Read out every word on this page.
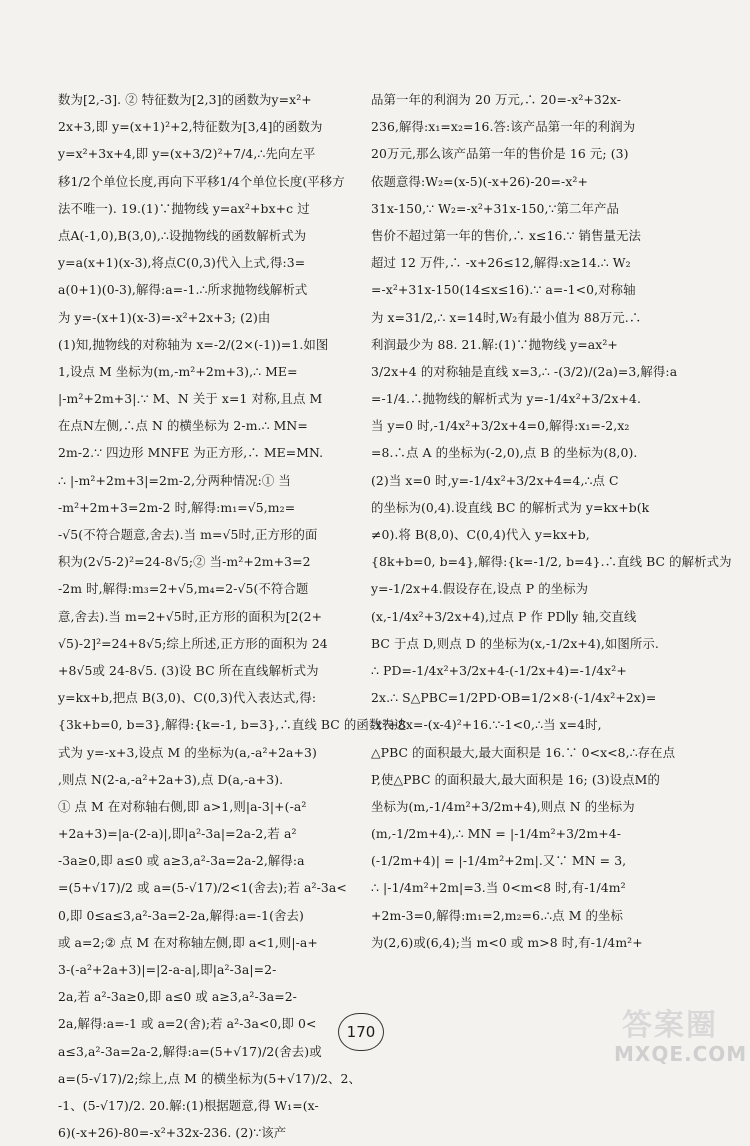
数为[2,-3]. ② 特征数为[2,3]的函数为y=x²+
2x+3,即 y=(x+1)²+2,特征数为[3,4]的函数为
y=x²+3x+4,即 y=(x+3/2)²+7/4,∴先向左平
移1/2个单位长度,再向下平移1/4个单位长度(平移方
法不唯一). 19.(1)∵抛物线 y=ax²+bx+c 过
点A(-1,0),B(3,0),∴设抛物线的函数解析式为
y=a(x+1)(x-3),将点C(0,3)代入上式,得:3=
a(0+1)(0-3),解得:a=-1.∴所求抛物线解析式
为 y=-(x+1)(x-3)=-x²+2x+3; (2)由
(1)知,抛物线的对称轴为 x=-2/(2×(-1))=1.如图
1,设点 M 坐标为(m,-m²+2m+3),∴ ME=
|-m²+2m+3|.∵ M、N 关于 x=1 对称,且点 M
在点N左侧,∴点 N 的横坐标为 2-m.∴ MN=
2m-2.∵ 四边形 MNFE 为正方形,∴ ME=MN.
∴ |-m²+2m+3|=2m-2,分两种情况:① 当
-m²+2m+3=2m-2 时,解得:m₁=√5,m₂=
-√5(不符合题意,舍去).当 m=√5时,正方形的面
积为(2√5-2)²=24-8√5;② 当-m²+2m+3=2
-2m 时,解得:m₃=2+√5,m₄=2-√5(不符合题
意,舍去).当 m=2+√5时,正方形的面积为[2(2+
√5)-2]²=24+8√5;综上所述,正方形的面积为 24
+8√5或 24-8√5. (3)设 BC 所在直线解析式为
y=kx+b,把点 B(3,0)、C(0,3)代入表达式,得:
{3k+b=0, b=3},解得:{k=-1, b=3},∴直线 BC 的函数表达
式为 y=-x+3,设点 M 的坐标为(a,-a²+2a+3)
,则点 N(2-a,-a²+2a+3),点 D(a,-a+3).
① 点 M 在对称轴右侧,即 a>1,则|a-3|+(-a²
+2a+3)=|a-(2-a)|,即|a²-3a|=2a-2,若 a²
-3a≥0,即 a≤0 或 a≥3,a²-3a=2a-2,解得:a
=(5+√17)/2 或 a=(5-√17)/2<1(舍去);若 a²-3a<
0,即 0≤a≤3,a²-3a=2-2a,解得:a=-1(舍去)
或 a=2;② 点 M 在对称轴左侧,即 a<1,则|-a+
3-(-a²+2a+3)|=|2-a-a|,即|a²-3a|=2-
2a,若 a²-3a≥0,即 a≤0 或 a≥3,a²-3a=2-
2a,解得:a=-1 或 a=2(舍);若 a²-3a<0,即 0<
a≤3,a²-3a=2a-2,解得:a=(5+√17)/2(舍去)或
a=(5-√17)/2;综上,点 M 的横坐标为(5+√17)/2、2、
-1、(5-√17)/2. 20.解:(1)根据题意,得 W₁=(x-
6)(-x+26)-80=-x²+32x-236. (2)∵该产
品第一年的利润为 20 万元,∴ 20=-x²+32x-
236,解得:x₁=x₂=16.答:该产品第一年的利润为
20万元,那么该产品第一年的售价是 16 元; (3)
依题意得:W₂=(x-5)(-x+26)-20=-x²+
31x-150,∵ W₂=-x²+31x-150,∵第二年产品
售价不超过第一年的售价,∴ x≤16.∵ 销售量无法
超过 12 万件,∴ -x+26≤12,解得:x≥14.∴ W₂
=-x²+31x-150(14≤x≤16).∵ a=-1<0,对称轴
为 x=31/2,∴ x=14时,W₂有最小值为 88万元.∴
利润最少为 88. 21.解:(1)∵抛物线 y=ax²+
3/2x+4 的对称轴是直线 x=3,∴ -(3/2)/(2a)=3,解得:a
=-1/4.∴抛物线的解析式为 y=-1/4x²+3/2x+4.
当 y=0 时,-1/4x²+3/2x+4=0,解得:x₁=-2,x₂
=8.∴点 A 的坐标为(-2,0),点 B 的坐标为(8,0).
(2)当 x=0 时,y=-1/4x²+3/2x+4=4,∴点 C
的坐标为(0,4).设直线 BC 的解析式为 y=kx+b(k
≠0).将 B(8,0)、C(0,4)代入 y=kx+b,
{8k+b=0, b=4},解得:{k=-1/2, b=4}.∴直线 BC 的解析式为
y=-1/2x+4.假设存在,设点 P 的坐标为
(x,-1/4x²+3/2x+4),过点 P 作 PD∥y 轴,交直线
BC 于点 D,则点 D 的坐标为(x,-1/2x+4),如图所示.
∴ PD=-1/4x²+3/2x+4-(-1/2x+4)=-1/4x²+
2x.∴ S△PBC=1/2PD·OB=1/2×8·(-1/4x²+2x)=
-x²+8x=-(x-4)²+16.∵-1<0,∴当 x=4时,
△PBC 的面积最大,最大面积是 16.∵ 0<x<8,∴存在点
P,使△PBC 的面积最大,最大面积是 16; (3)设点M的
坐标为(m,-1/4m²+3/2m+4),则点 N 的坐标为
(m,-1/2m+4),∴ MN = |-1/4m²+3/2m+4-
(-1/2m+4)| = |-1/4m²+2m|.又∵ MN = 3,
∴ |-1/4m²+2m|=3.当 0<m<8 时,有-1/4m²
+2m-3=0,解得:m₁=2,m₂=6.∴点 M 的坐标
为(2,6)或(6,4);当 m<0 或 m>8 时,有-1/4m²+
170	答案圈
MXQE.COM
